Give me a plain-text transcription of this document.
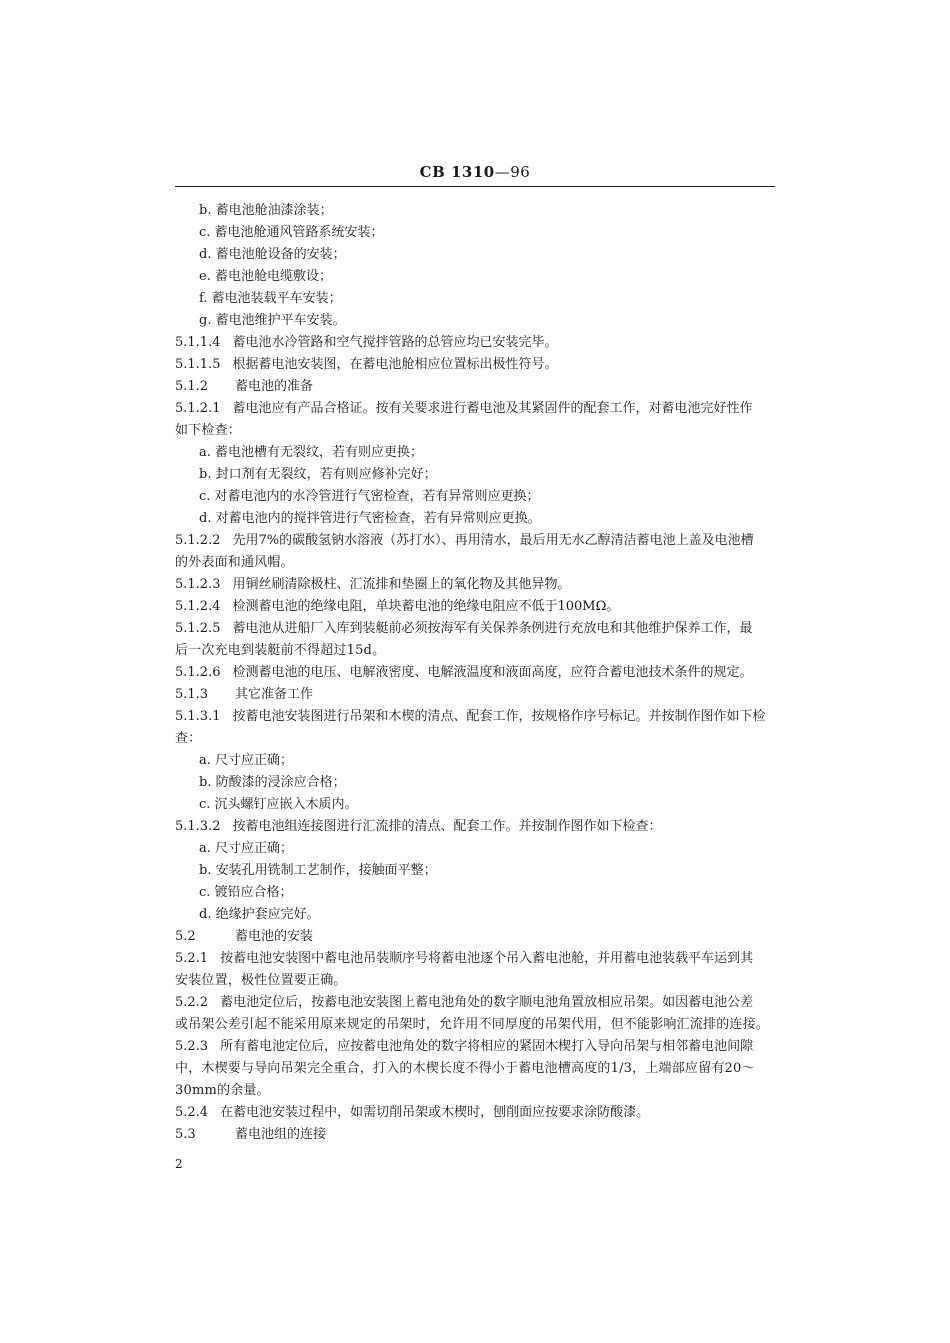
CB 1310—96
b. 蓄电池舱油漆涂装；
c. 蓄电池舱通风管路系统安装；
d. 蓄电池舱设备的安装；
e. 蓄电池舱电缆敷设；
f. 蓄电池装载平车安装；
g. 蓄电池维护平车安装。
5.1.1.4 蓄电池水冷管路和空气搅拌管路的总管应均已安装完毕。
5.1.1.5 根据蓄电池安装图，在蓄电池舱相应位置标出极性符号。
5.1.2 蓄电池的准备
5.1.2.1 蓄电池应有产品合格证。按有关要求进行蓄电池及其紧固件的配套工作，对蓄电池完好性作
如下检查：
a. 蓄电池槽有无裂纹，若有则应更换；
b. 封口剂有无裂纹，若有则应修补完好；
c. 对蓄电池内的水冷管进行气密检查，若有异常则应更换；
d. 对蓄电池内的搅拌管进行气密检查，若有异常则应更换。
5.1.2.2 先用7%的碳酸氢钠水溶液（苏打水）、再用清水，最后用无水乙醇清洁蓄电池上盖及电池槽
的外表面和通风帽。
5.1.2.3 用铜丝刷清除极柱、汇流排和垫圈上的氧化物及其他异物。
5.1.2.4 检测蓄电池的绝缘电阻，单块蓄电池的绝缘电阻应不低于100MΩ。
5.1.2.5 蓄电池从进船厂入库到装艇前必须按海军有关保养条例进行充放电和其他维护保养工作，最
后一次充电到装艇前不得超过15d。
5.1.2.6 检测蓄电池的电压、电解液密度、电解液温度和液面高度，应符合蓄电池技术条件的规定。
5.1.3 其它准备工作
5.1.3.1 按蓄电池安装图进行吊架和木楔的清点、配套工作，按规格作序号标记。并按制作图作如下检
查：
a. 尺寸应正确；
b. 防酸漆的浸涂应合格；
c. 沉头螺钉应嵌入木质内。
5.1.3.2 按蓄电池组连接图进行汇流排的清点、配套工作。并按制作图作如下检查：
a. 尺寸应正确；
b. 安装孔用铣制工艺制作，接触面平整；
c. 镀铅应合格；
d. 绝缘护套应完好。
5.2	蓄电池的安装
5.2.1 按蓄电池安装图中蓄电池吊装顺序号将蓄电池逐个吊入蓄电池舱，并用蓄电池装载平车运到其
安装位置，极性位置要正确。
5.2.2 蓄电池定位后，按蓄电池安装图上蓄电池角处的数字顺电池角置放相应吊架。如因蓄电池公差
或吊架公差引起不能采用原来规定的吊架时，允许用不同厚度的吊架代用，但不能影响汇流排的连接。
5.2.3 所有蓄电池定位后，应按蓄电池角处的数字将相应的紧固木楔打入导向吊架与相邻蓄电池间隙
中，木楔要与导向吊架完全重合，打入的木楔长度不得小于蓄电池槽高度的1/3，上端部应留有20～
30mm的余量。
5.2.4 在蓄电池安装过程中，如需切削吊架或木楔时，刨削面应按要求涂防酸漆。
5.3	蓄电池组的连接
2
